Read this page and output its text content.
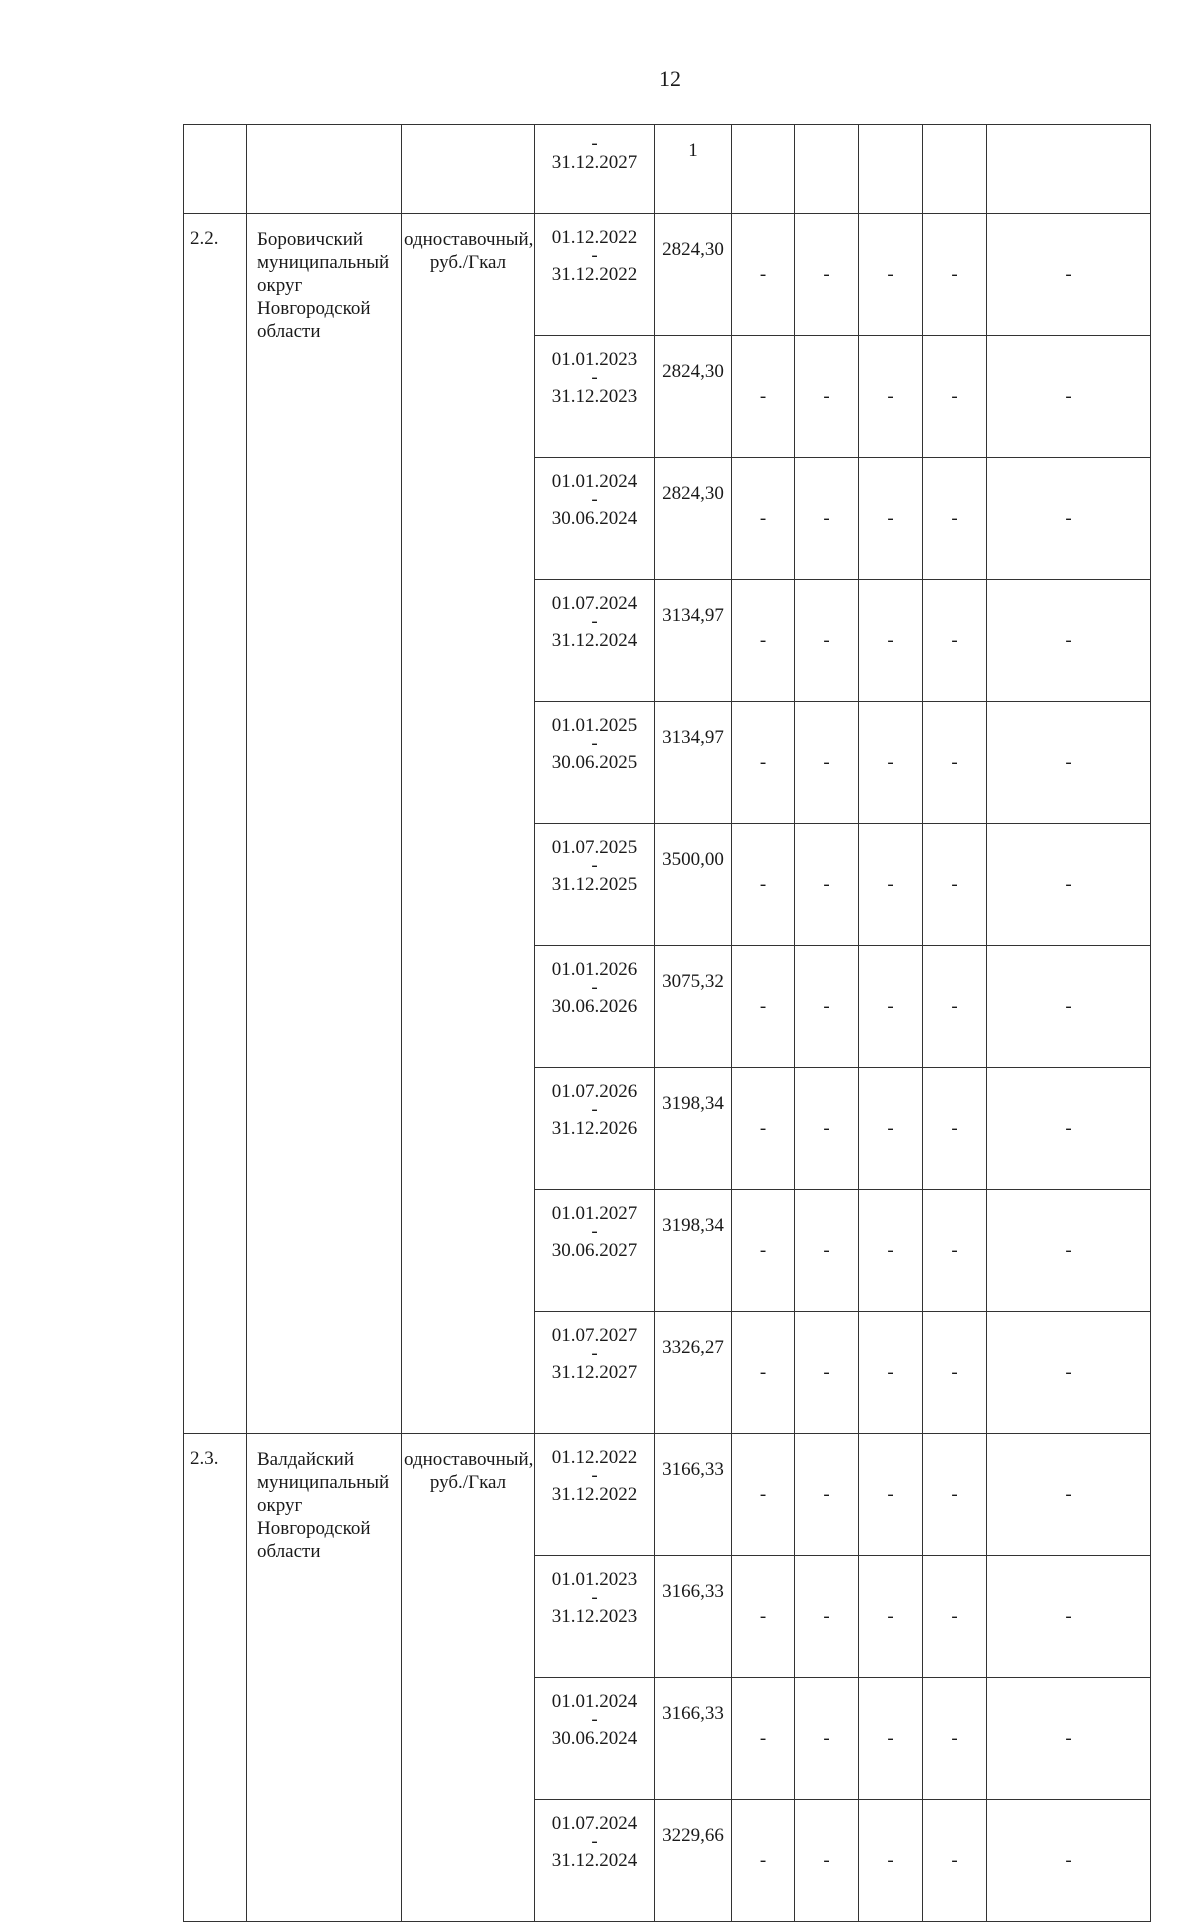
12

			-
31.12.2027	1					
2.2.	Боровичский муниципальный округ Новгородской области	одноставочный, руб./Гкал	01.12.2022
-
31.12.2022	2824,30	-	-	-	-	-

			01.01.2023
-
31.12.2023	2824,30	-	-	-	-	-

			01.01.2024
-
30.06.2024	2824,30	-	-	-	-	-

			01.07.2024
-
31.12.2024	3134,97	-	-	-	-	-

			01.01.2025
-
30.06.2025	3134,97	-	-	-	-	-

			01.07.2025
-
31.12.2025	3500,00	-	-	-	-	-

			01.01.2026
-
30.06.2026	3075,32	-	-	-	-	-

			01.07.2026
-
31.12.2026	3198,34	-	-	-	-	-

			01.01.2027
-
30.06.2027	3198,34	-	-	-	-	-

			01.07.2027
-
31.12.2027	3326,27	-	-	-	-	-
2.3.	Валдайский муниципальный округ Новгородской области	одноставочный, руб./Гкал	01.12.2022
-
31.12.2022	3166,33	-	-	-	-	-

			01.01.2023
-
31.12.2023	3166,33	-	-	-	-	-

			01.01.2024
-
30.06.2024	3166,33	-	-	-	-	-

			01.07.2024
-
31.12.2024	3229,66	-	-	-	-	-
